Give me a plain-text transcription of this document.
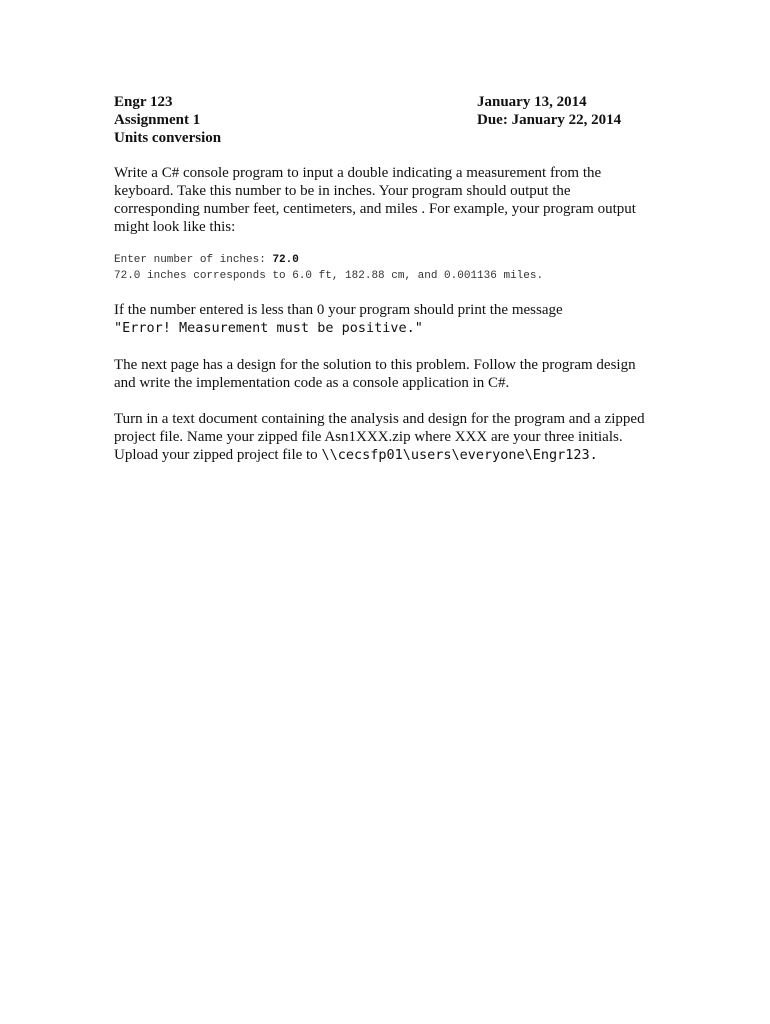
Engr 123
Assignment 1
Units conversion
January 13, 2014
Due: January 22, 2014
Write a C# console program to input a double indicating a measurement from the
keyboard. Take this number to be in inches. Your program should output the
corresponding number feet, centimeters, and miles . For example, your program output
might look like this:
Enter number of inches: 72.0
72.0 inches corresponds to 6.0 ft, 182.88 cm, and 0.001136 miles.
If the number entered is less than 0 your program should print the message
"Error! Measurement must be positive."
The next page has a design for the solution to this problem. Follow the program design
and write the implementation code as a console application in C#.
Turn in a text document containing the analysis and design for the program and a zipped
project file. Name your zipped file Asn1XXX.zip where XXX are your three initials.
Upload your zipped project file to \\cecsfp01\users\everyone\Engr123.
